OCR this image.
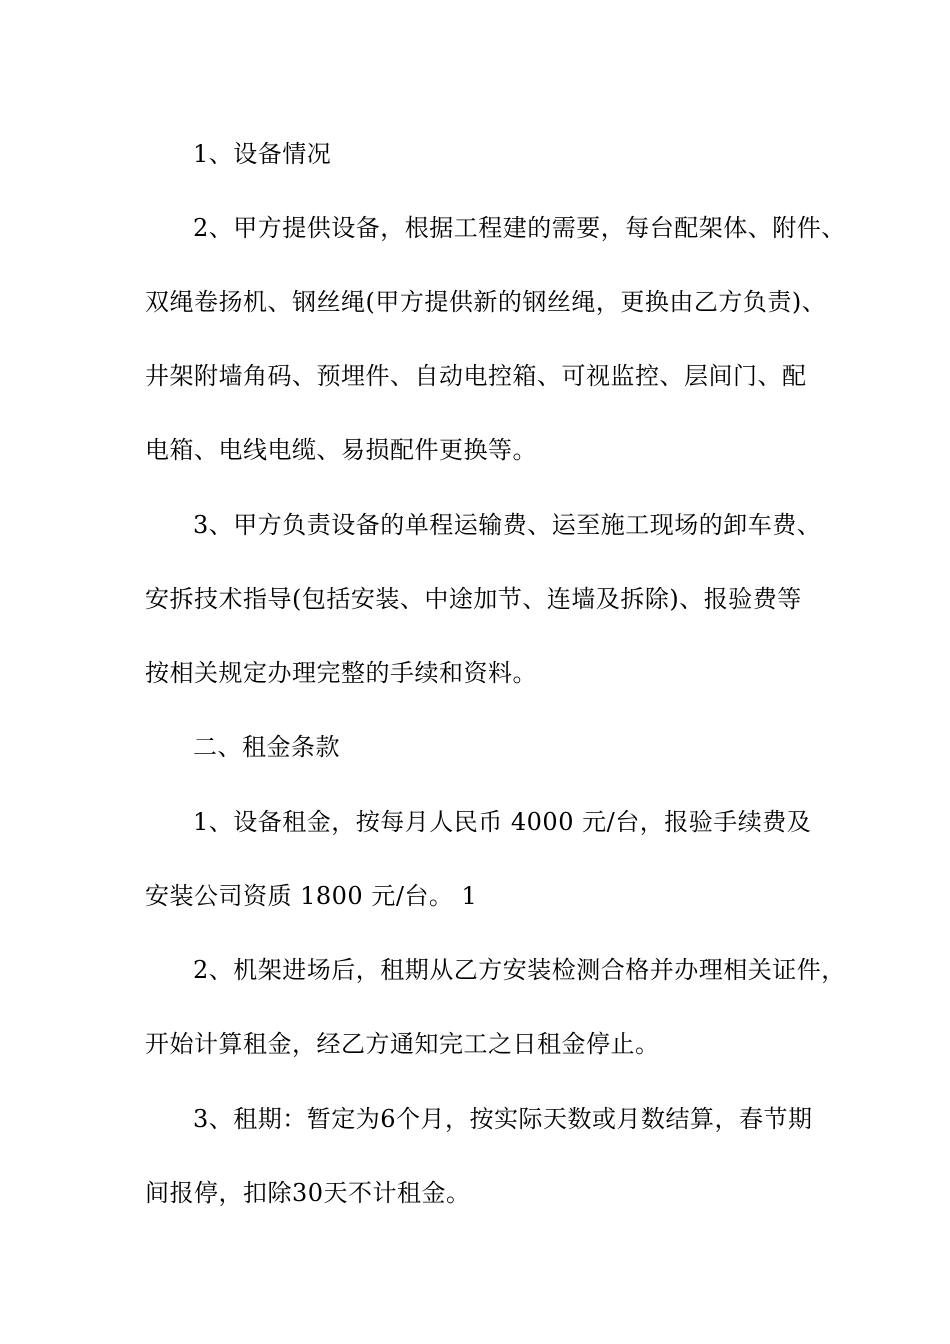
1、设备情况
2、甲方提供设备，根据工程建的需要，每台配架体、附件、
双绳卷扬机、钢丝绳(甲方提供新的钢丝绳，更换由乙方负责)、
井架附墙角码、预埋件、自动电控箱、可视监控、层间门、配
电箱、电线电缆、易损配件更换等。
3、甲方负责设备的单程运输费、运至施工现场的卸车费、
安拆技术指导(包括安装、中途加节、连墙及拆除)、报验费等
按相关规定办理完整的手续和资料。
二、租金条款
1、设备租金，按每月人民币 4000 元/台，报验手续费及
安装公司资质 1800 元/台。 1
2、机架进场后，租期从乙方安装检测合格并办理相关证件，
开始计算租金，经乙方通知完工之日租金停止。
3、租期：暂定为6个月，按实际天数或月数结算，春节期
间报停，扣除30天不计租金。
